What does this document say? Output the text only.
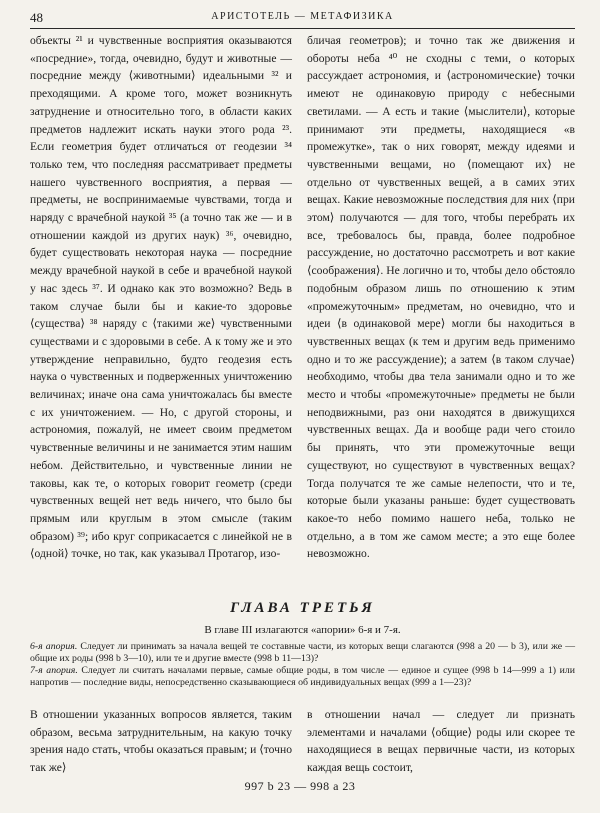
48	АРИСТОТЕЛЬ — МЕТАФИЗИКА
объекты ²¹ и чувственные восприятия оказываются «посредние», тогда, очевидно, будут и животные — посредние между ⟨животными⟩ идеальными ³² и преходящими. А кроме того, может возникнуть затруднение и относительно того, в области каких предметов надлежит искать науки этого рода ²³. Если геометрия будет отличаться от геодезии ³⁴ только тем, что последняя рассматривает предметы нашего чувственного восприятия, а первая — предметы, не воспринимаемые чувствами, тогда и наряду с врачебной наукой ³⁵ (а точно так же — и в отношении каждой из других наук) ³⁶, очевидно, будет существовать некоторая наука — посредние между врачебной наукой в себе и врачебной наукой у нас здесь ³⁷. И однако как это возможно? Ведь в таком случае были бы и какие-то здоровье ⟨существа⟩ ³⁸ наряду с ⟨такими же⟩ чувственными существами и с здоровыми в себе. А к тому же и это утверждение неправильно, будто геодезия есть наука о чувственных и подверженных уничтожению величинах; иначе она сама уничтожалась бы вместе с их уничтожением. — Но, с другой стороны, и астрономия, пожалуй, не имеет своим предметом чувственные величины и не занимается этим нашим небом. Действительно, и чувственные линии не таковы, как те, о которых говорит геометр (среди чувственных вещей нет ведь ничего, что было бы прямым или круглым в этом смысле (таким образом) ³⁹; ибо круг соприкасается с линейкой не в ⟨одной⟩ точке, но так, как указывал Протагор, изо-
бличая геометров); и точно так же движения и обороты неба ⁴⁰ не сходны с теми, о которых рассуждает астрономия, и ⟨астрономические⟩ точки имеют не одинаковую природу с небесными светилами. — А есть и такие ⟨мыслители⟩, которые принимают эти предметы, находящиеся «в промежутке», так о них говорят, между идеями и чувственными вещами, но ⟨помещают их⟩ не отдельно от чувственных вещей, а в самих этих вещах. Какие невозможные последствия для них ⟨при этом⟩ получаются — для того, чтобы перебрать их все, требовалось бы, правда, более подробное рассуждение, но достаточно рассмотреть и вот какие ⟨соображения⟩. Не логично и то, чтобы дело обстояло подобным образом лишь по отношению к этим «промежуточным» предметам, но очевидно, что и идеи ⟨в одинаковой мере⟩ могли бы находиться в чувственных вещах (к тем и другим ведь применимо одно и то же рассуждение); а затем ⟨в таком случае⟩ необходимо, чтобы два тела занимали одно и то же место и чтобы «промежуточные» предметы не были неподвижными, раз они находятся в движущихся чувственных вещах. Да и вообще ради чего стоило бы принять, что эти промежуточные вещи существуют, но существуют в чувственных вещах? Тогда получатся те же самые нелепости, что и те, которые были указаны раньше: будет существовать какое-то небо помимо нашего неба, только не отдельно, а в том же самом месте; а это еще более невозможно.
ГЛАВА ТРЕТЬЯ
В главе III излагаются «апории» 6-я и 7-я.
6-я апория. Следует ли принимать за начала вещей те составные части, из которых вещи слагаются (998 a 20 — b 3), или же — общие их роды (998 b 3—10), или те и другие вместе (998 b 11—13)?
7-я апория. Следует ли считать началами первые, самые общие роды, в том числе — единое и сущее (998 b 14—999 a 1) или напротив — последние виды, непосредственно сказывающиеся об индивидуальных вещах (999 a 1—23)?
В отношении указанных вопросов является, таким образом, весьма затруднительным, на какую точку зрения надо стать, чтобы оказаться правым; и ⟨точно так же⟩
в отношении начал — следует ли признать элементами и началами ⟨общие⟩ роды или скорее те находящиеся в вещах первичные части, из которых каждая вещь состоит,
997 b 23 — 998 a 23
